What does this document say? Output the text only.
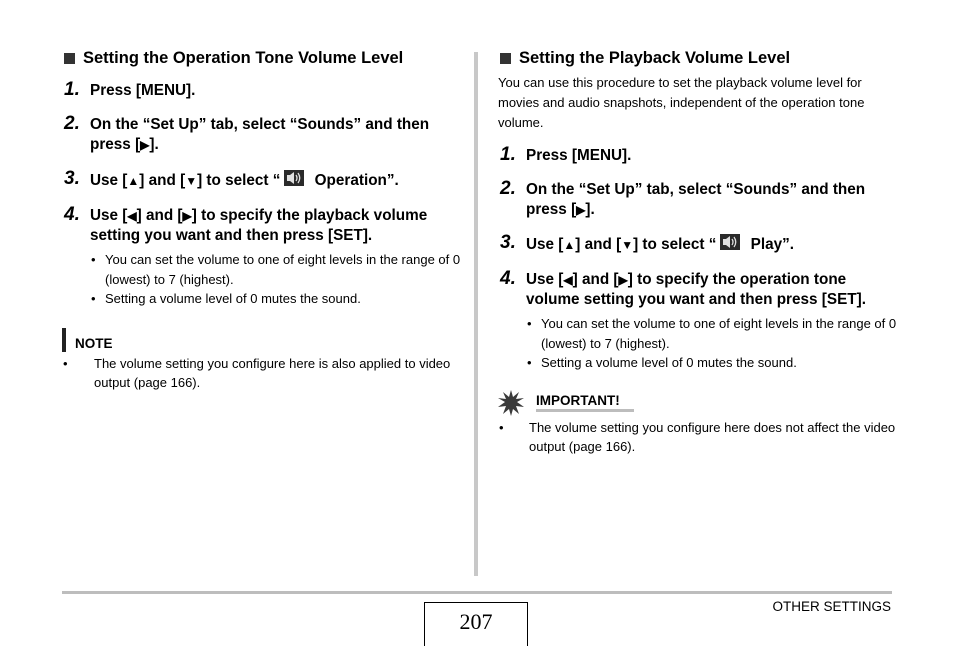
Setting the Operation Tone Volume Level
1. Press [MENU].
2. On the “Set Up” tab, select “Sounds” and then press [▶].
3. Use [▲] and [▼] to select “ Operation”.
4. Use [◀] and [▶] to specify the playback volume setting you want and then press [SET].
• You can set the volume to one of eight levels in the range of 0 (lowest) to 7 (highest).
• Setting a volume level of 0 mutes the sound.
NOTE
• The volume setting you configure here is also applied to video output (page 166).
Setting the Playback Volume Level

You can use this procedure to set the playback volume level for movies and audio snapshots, independent of the operation tone volume.

1. Press [MENU].
2. On the “Set Up” tab, select “Sounds” and then press [▶].
3. Use [▲] and [▼] to select “ Play”.
4. Use [◀] and [▶] to specify the operation tone volume setting you want and then press [SET].
• You can set the volume to one of eight levels in the range of 0 (lowest) to 7 (highest).
• Setting a volume level of 0 mutes the sound.
IMPORTANT!
• The volume setting you configure here does not affect the video output (page 166).
207
OTHER SETTINGS
